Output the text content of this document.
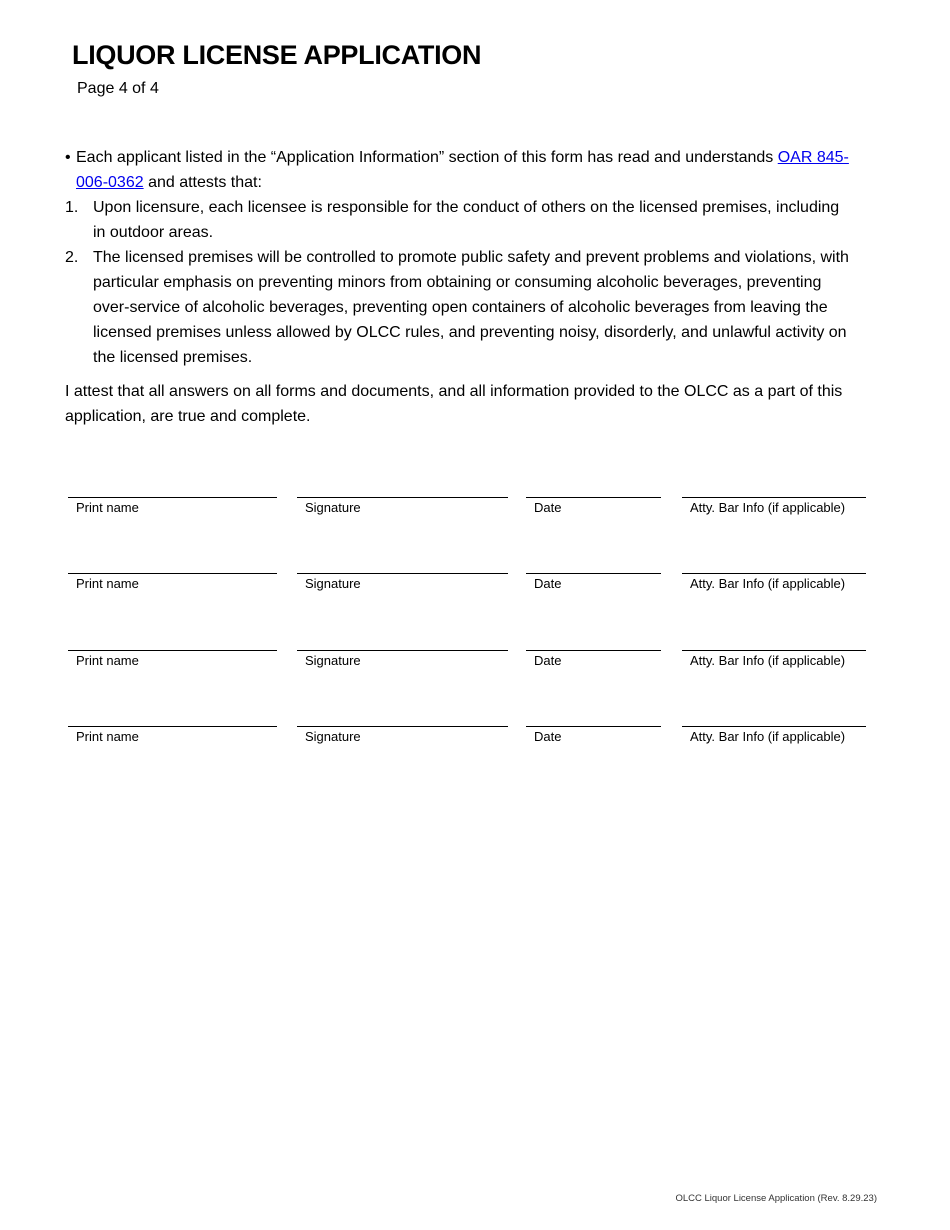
LIQUOR LICENSE APPLICATION
Page 4 of 4

• Each applicant listed in the “Application Information” section of this form has read and understands OAR 845-006-0362 and attests that:

1. Upon licensure, each licensee is responsible for the conduct of others on the licensed premises, including in outdoor areas.
2. The licensed premises will be controlled to promote public safety and prevent problems and violations, with particular emphasis on preventing minors from obtaining or consuming alcoholic beverages, preventing over-service of alcoholic beverages, preventing open containers of alcoholic beverages from leaving the licensed premises unless allowed by OLCC rules, and preventing noisy, disorderly, and unlawful activity on the licensed premises.

I attest that all answers on all forms and documents, and all information provided to the OLCC as a part of this application, are true and complete.

Print name	Signature	Date	Atty. Bar Info (if applicable)
Print name	Signature	Date	Atty. Bar Info (if applicable)
Print name	Signature	Date	Atty. Bar Info (if applicable)
Print name	Signature	Date	Atty. Bar Info (if applicable)
OLCC Liquor License Application (Rev. 8.29.23)
